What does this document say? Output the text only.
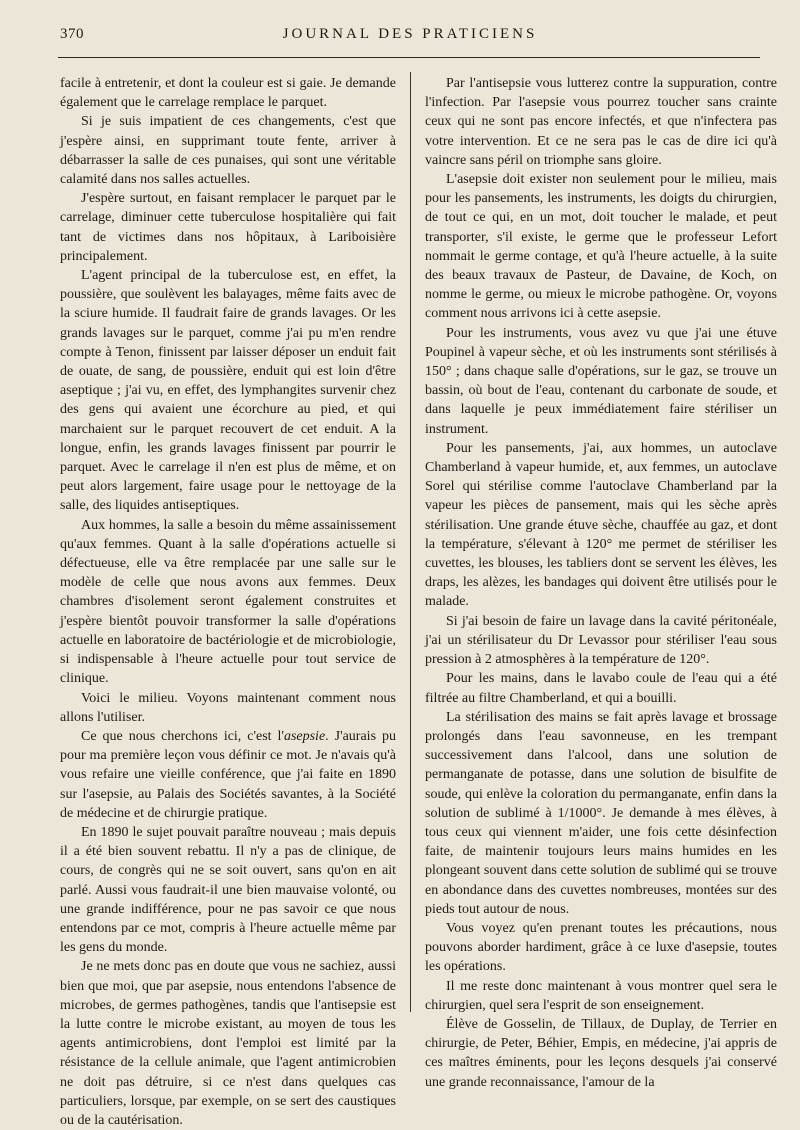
370	JOURNAL DES PRATICIENS

facile à entretenir, et dont la couleur est si gaie. Je demande également que le carrelage remplace le parquet.

Si je suis impatient de ces changements, c'est que j'espère ainsi, en supprimant toute fente, arriver à débarrasser la salle de ces punaises, qui sont une véritable calamité dans nos salles actuelles.

J'espère surtout, en faisant remplacer le parquet par le carrelage, diminuer cette tuberculose hospitalière qui fait tant de victimes dans nos hôpitaux, à Lariboisière principalement.

L'agent principal de la tuberculose est, en effet, la poussière, que soulèvent les balayages, même faits avec de la sciure humide. Il faudrait faire de grands lavages. Or les grands lavages sur le parquet, comme j'ai pu m'en rendre compte à Tenon, finissent par laisser déposer un enduit fait de ouate, de sang, de poussière, enduit qui est loin d'être aseptique ; j'ai vu, en effet, des lymphangites survenir chez des gens qui avaient une écorchure au pied, et qui marchaient sur le parquet recouvert de cet enduit. A la longue, enfin, les grands lavages finissent par pourrir le parquet. Avec le carrelage il n'en est plus de même, et on peut alors largement, faire usage pour le nettoyage de la salle, des liquides antiseptiques.

Aux hommes, la salle a besoin du même assainissement qu'aux femmes. Quant à la salle d'opérations actuelle si défectueuse, elle va être remplacée par une salle sur le modèle de celle que nous avons aux femmes. Deux chambres d'isolement seront également construites et j'espère bientôt pouvoir transformer la salle d'opérations actuelle en laboratoire de bactériologie et de microbiologie, si indispensable à l'heure actuelle pour tout service de clinique.

Voici le milieu. Voyons maintenant comment nous allons l'utiliser.

Ce que nous cherchons ici, c'est l'asepsie. J'aurais pu pour ma première leçon vous définir ce mot. Je n'avais qu'à vous refaire une vieille conférence, que j'ai faite en 1890 sur l'asepsie, au Palais des Sociétés savantes, à la Société de médecine et de chirurgie pratique.

En 1890 le sujet pouvait paraître nouveau ; mais depuis il a été bien souvent rebattu. Il n'y a pas de clinique, de cours, de congrès qui ne se soit ouvert, sans qu'on en ait parlé. Aussi vous faudrait-il une bien mauvaise volonté, ou une grande indifférence, pour ne pas savoir ce que nous entendons par ce mot, compris à l'heure actuelle même par les gens du monde.

Je ne mets donc pas en doute que vous ne sachiez, aussi bien que moi, que par asepsie, nous entendons l'absence de microbes, de germes pathogènes, tandis que l'antisepsie est la lutte contre le microbe existant, au moyen de tous les agents antimicrobiens, dont l'emploi est limité par la résistance de la cellule animale, que l'agent antimicrobien ne doit pas détruire, si ce n'est dans quelques cas particuliers, lorsque, par exemple, on se sert des caustiques ou de la cautérisation.

Par l'antisepsie vous lutterez contre la suppuration, contre l'infection. Par l'asepsie vous pourrez toucher sans crainte ceux qui ne sont pas encore infectés, et que n'infectera pas votre intervention. Et ce ne sera pas le cas de dire ici qu'à vaincre sans péril on triomphe sans gloire.

L'asepsie doit exister non seulement pour le milieu, mais pour les pansements, les instruments, les doigts du chirurgien, de tout ce qui, en un mot, doit toucher le malade, et peut transporter, s'il existe, le germe que le professeur Lefort nommait le germe contage, et qu'à l'heure actuelle, à la suite des beaux travaux de Pasteur, de Davaine, de Koch, on nomme le germe, ou mieux le microbe pathogène. Or, voyons comment nous arrivons ici à cette asepsie.

Pour les instruments, vous avez vu que j'ai une étuve Poupinel à vapeur sèche, et où les instruments sont stérilisés à 150° ; dans chaque salle d'opérations, sur le gaz, se trouve un bassin, où bout de l'eau, contenant du carbonate de soude, et dans laquelle je peux immédiatement faire stériliser un instrument.

Pour les pansements, j'ai, aux hommes, un autoclave Chamberland à vapeur humide, et, aux femmes, un autoclave Sorel qui stérilise comme l'autoclave Chamberland par la vapeur les pièces de pansement, mais qui les sèche après stérilisation. Une grande étuve sèche, chauffée au gaz, et dont la température, s'élevant à 120° me permet de stériliser les cuvettes, les blouses, les tabliers dont se servent les élèves, les draps, les alèzes, les bandages qui doivent être utilisés pour le malade.

Si j'ai besoin de faire un lavage dans la cavité péritonéale, j'ai un stérilisateur du Dr Levassor pour stériliser l'eau sous pression à 2 atmosphères à la température de 120°.

Pour les mains, dans le lavabo coule de l'eau qui a été filtrée au filtre Chamberland, et qui a bouilli.

La stérilisation des mains se fait après lavage et brossage prolongés dans l'eau savonneuse, en les trempant successivement dans l'alcool, dans une solution de permanganate de potasse, dans une solution de bisulfite de soude, qui enlève la coloration du permanganate, enfin dans la solution de sublimé à 1/1000°. Je demande à mes élèves, à tous ceux qui viennent m'aider, une fois cette désinfection faite, de maintenir toujours leurs mains humides en les plongeant souvent dans cette solution de sublimé qui se trouve en abondance dans des cuvettes nombreuses, montées sur des pieds tout autour de nous.

Vous voyez qu'en prenant toutes les précautions, nous pouvons aborder hardiment, grâce à ce luxe d'asepsie, toutes les opérations.

Il me reste donc maintenant à vous montrer quel sera le chirurgien, quel sera l'esprit de son enseignement.

Élève de Gosselin, de Tillaux, de Duplay, de Terrier en chirurgie, de Peter, Béhier, Empis, en médecine, j'ai appris de ces maîtres éminents, pour les leçons desquels j'ai conservé une grande reconnaissance, l'amour de la
